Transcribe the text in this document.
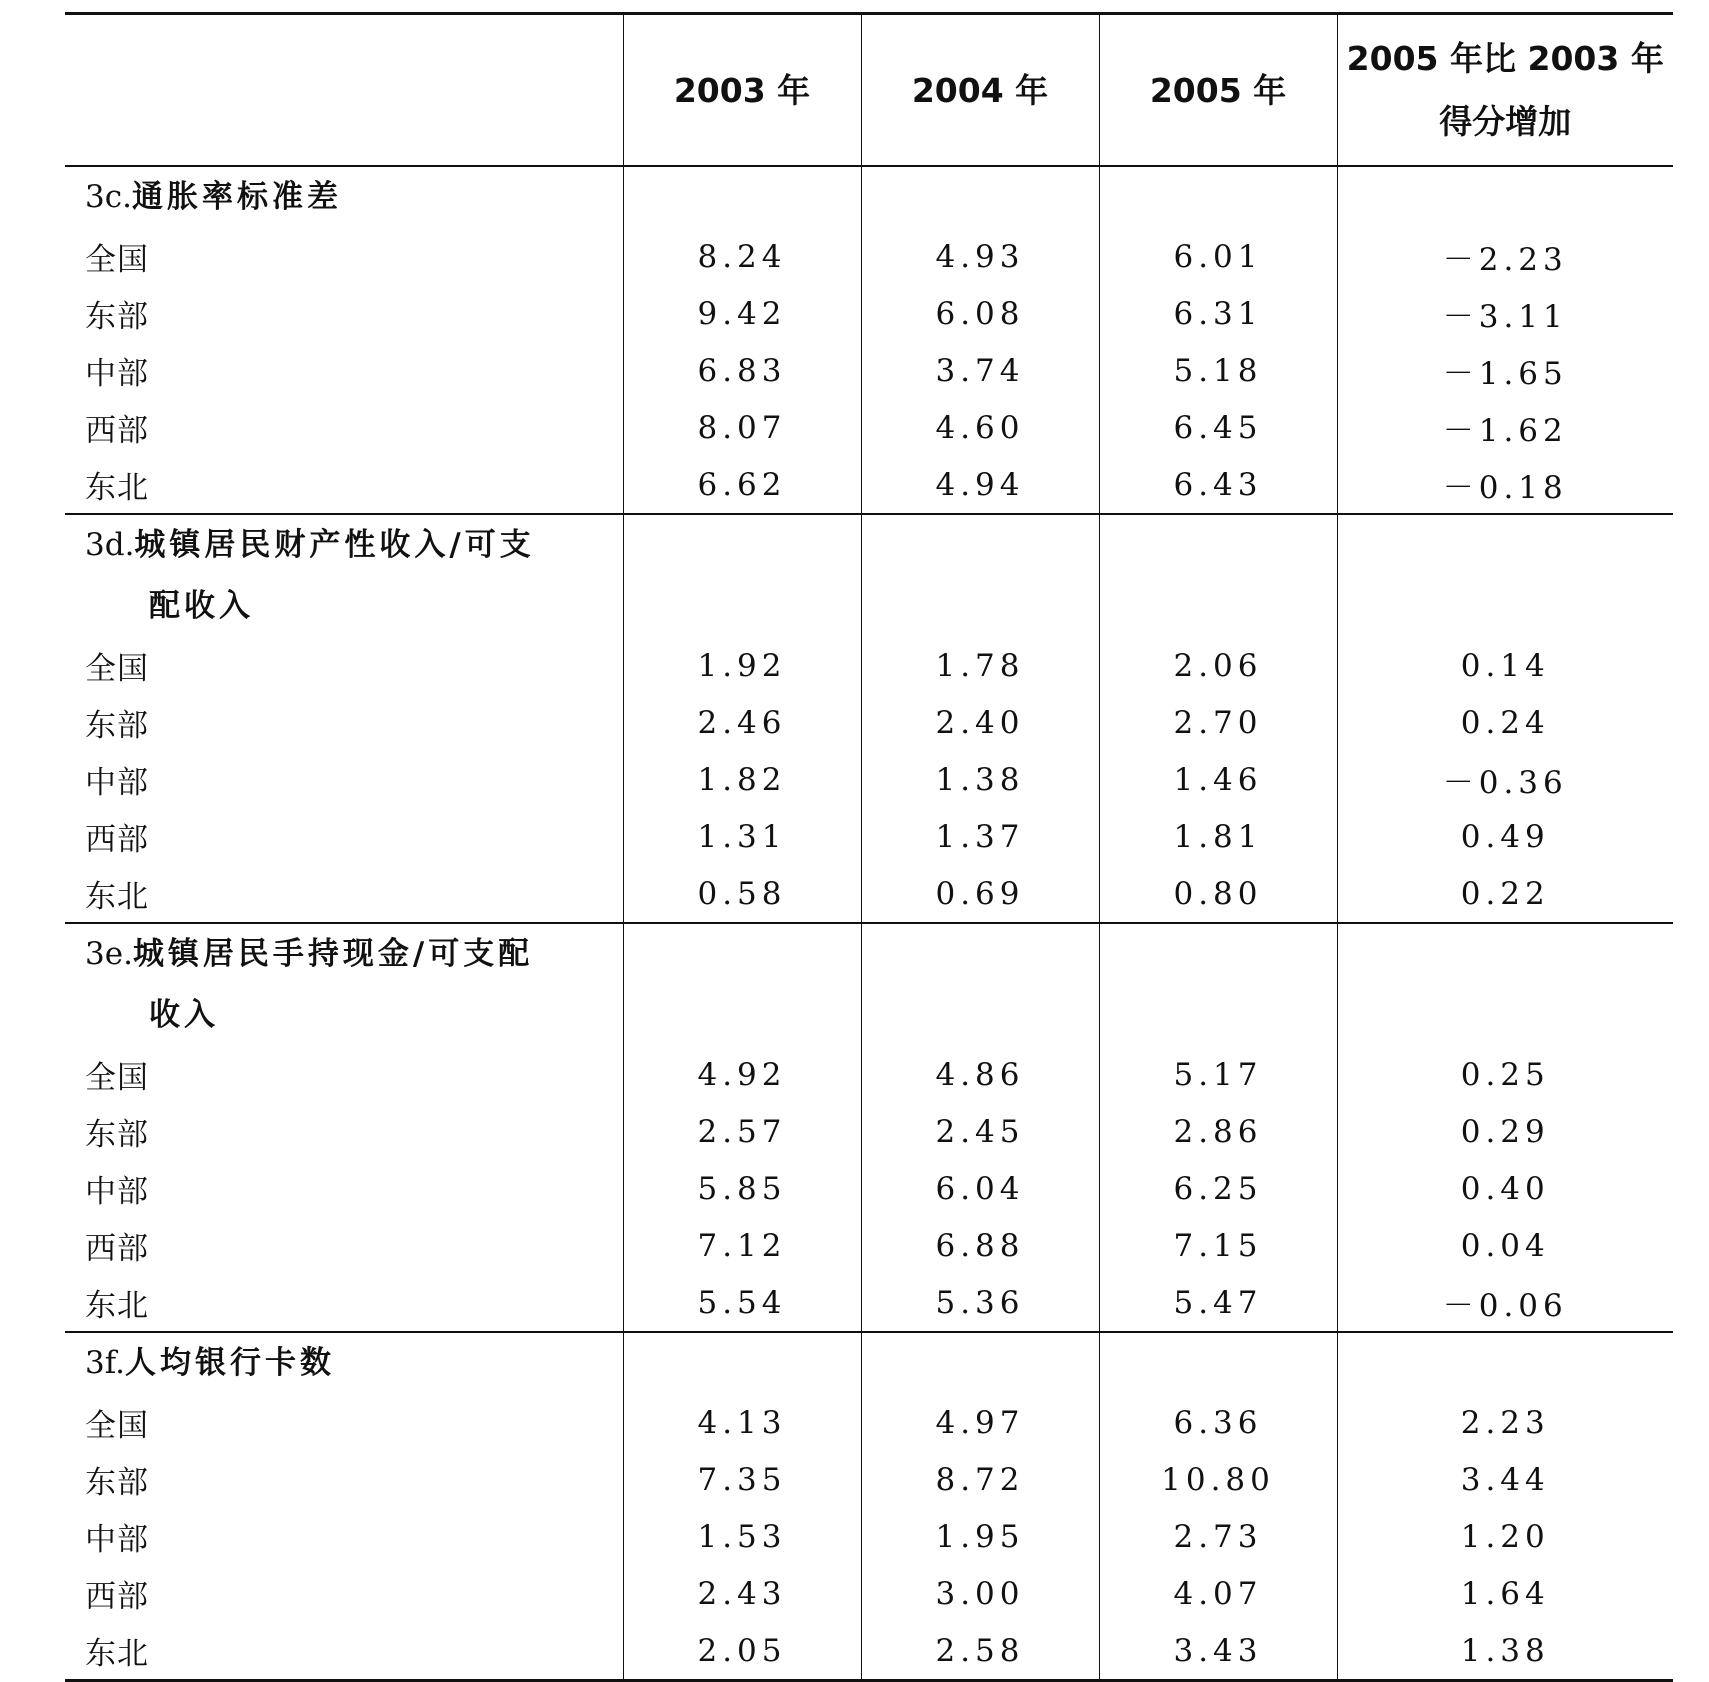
	2003 年	2004 年	2005 年	2005 年比 2003 年
得分增加
3c.通胀率标准差				
全国	8.24	4.93	6.01	－2.23
东部	9.42	6.08	6.31	－3.11
中部	6.83	3.74	5.18	－1.65
西部	8.07	4.60	6.45	－1.62
东北	6.62	4.94	6.43	－0.18
3d.城镇居民财产性收入/可支
配收入				

全国	1.92	1.78	2.06	0.14
东部	2.46	2.40	2.70	0.24
中部	1.82	1.38	1.46	－0.36
西部	1.31	1.37	1.81	0.49
东北	0.58	0.69	0.80	0.22
3e.城镇居民手持现金/可支配
收入				

全国	4.92	4.86	5.17	0.25
东部	2.57	2.45	2.86	0.29
中部	5.85	6.04	6.25	0.40
西部	7.12	6.88	7.15	0.04
东北	5.54	5.36	5.47	－0.06
3f.人均银行卡数				
全国	4.13	4.97	6.36	2.23
东部	7.35	8.72	10.80	3.44
中部	1.53	1.95	2.73	1.20
西部	2.43	3.00	4.07	1.64
东北	2.05	2.58	3.43	1.38
